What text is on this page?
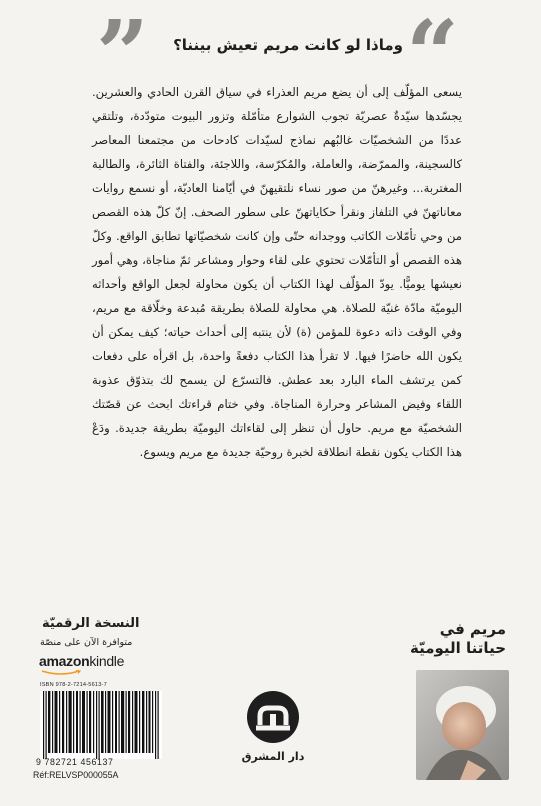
” وماذا لو كانت مريم تعيش بيننا؟ “

يسعى المؤلّف إلى أن يضع مريم العذراء في سياق القرن الحادي والعشرين. يجسّدها سيّدةٌ عصريّة تجوب الشوارع متأمّلة وتزور البيوت متودّدة، وتلتقي عددًا من الشخصيّات غالبُهم نماذج لسيّدات كادحات من مجتمعنا المعاصر كالسجينة، والممرّضة، والعاملة، والمُكرّسة، واللاجئة، والفتاة الثائرة، والطالبة المغتربة... وغيرهنّ من صور نساء نلتقيهنّ في أيّامنا العاديّة، أو نسمع روايات معاناتهنّ في التلفاز ونقرأ حكاياتهنّ على سطور الصحف. إنّ كلّ هذه القصص من وحي تأمّلات الكاتب ووجدانه حتّى وإن كانت شخصيّاتها تطابق الواقع. وكلّ هذه القصص أو التأمّلات تحتوي على لقاء وحوار ومشاعر ثمّ مناجاة، وهي أمور نعيشها يوميًّا. يودّ المؤلّف لهذا الكتاب أن يكون محاولة لجعل الواقع وأحداثه اليوميّة مادّة غنيّة للصلاة. هي محاولة للصلاة بطريقة مُبدعة وخلّاقة مع مريم، وفي الوقت ذاته دعوة للمؤمن (ة) لأن ينتبه إلى أحداث حياته؛ كيف يمكن أن يكون الله حاضرًا فيها. لا تقرأ هذا الكتاب دفعةً واحدة، بل اقرأه على دفعات كمن يرتشف الماء البارد بعد عطش. فالتسرّع لن يسمح لك بتذوّق عذوبة اللقاء وفيض المشاعر وحرارة المناجاة. وفي ختام قراءتك ابحث عن قصّتك الشخصيّة مع مريم. حاول أن تنظر إلى لقاءاتك اليوميّة بطريقة جديدة. ودَعْ هذا الكتاب يكون نقطة انطلاقة لخبرة روحيّة جديدة مع مريم ويسوع.

النسخة الرقميّة
متوافرة الآن على منصّة
amazonkindle
ISBN 978-2-7214-5613-7
9 782721 456137
Réf:RELVSP000055A
دار المشرق
مريم في
حياتنا اليوميّة
